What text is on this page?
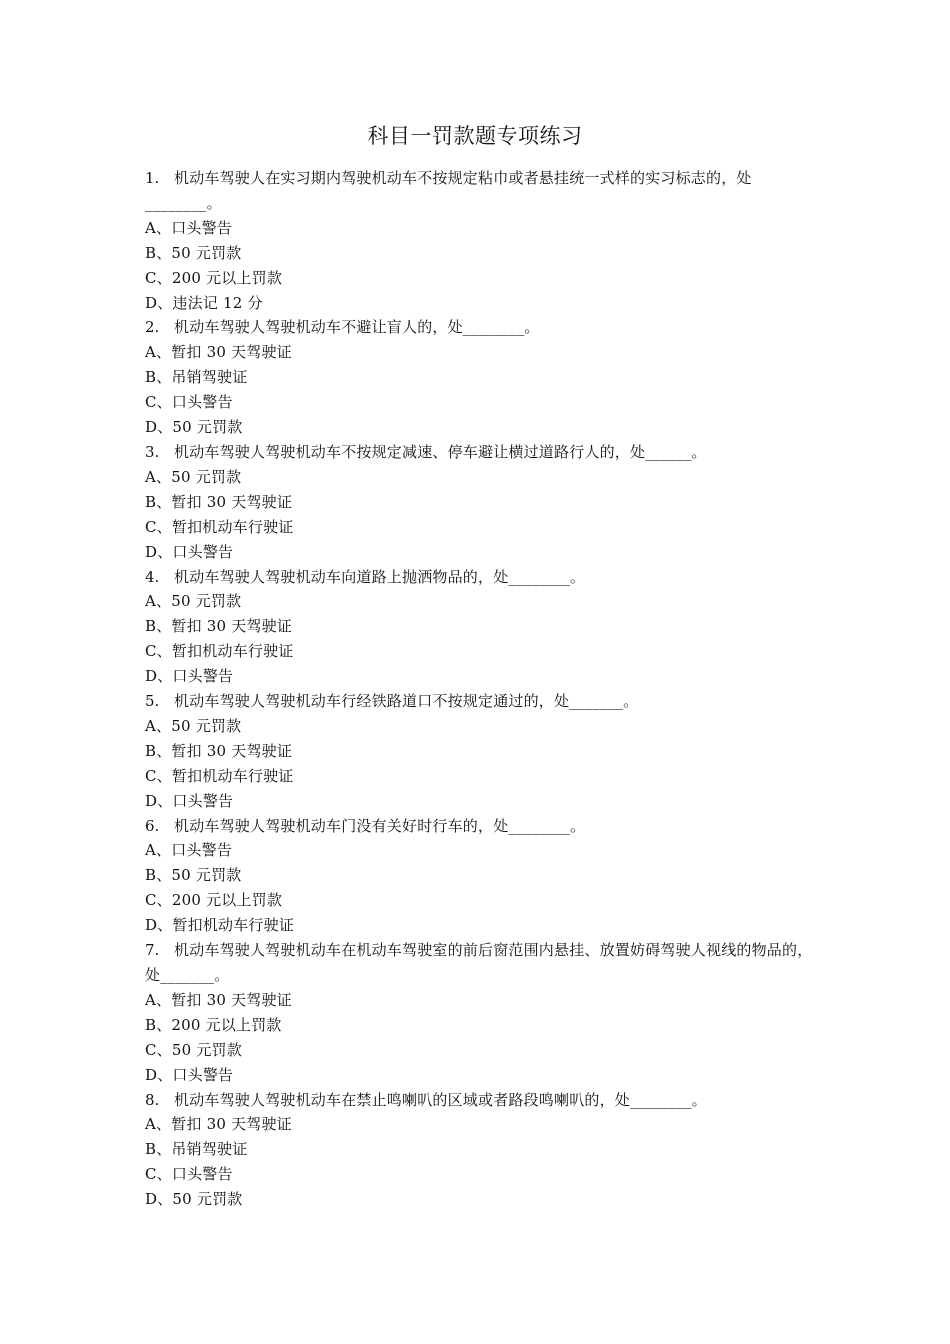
科目一罚款题专项练习

1. 机动车驾驶人在实习期内驾驶机动车不按规定粘巾或者悬挂统一式样的实习标志的，处________。

A、口头警告

B、50 元罚款

C、200 元以上罚款

D、违法记 12 分

2. 机动车驾驶人驾驶机动车不避让盲人的，处________。

A、暂扣 30 天驾驶证

B、吊销驾驶证

C、口头警告

D、50 元罚款

3. 机动车驾驶人驾驶机动车不按规定减速、停车避让横过道路行人的，处______。

A、50 元罚款

B、暂扣 30 天驾驶证

C、暂扣机动车行驶证

D、口头警告

4. 机动车驾驶人驾驶机动车向道路上抛洒物品的，处________。

A、50 元罚款

B、暂扣 30 天驾驶证

C、暂扣机动车行驶证

D、口头警告

5. 机动车驾驶人驾驶机动车行经铁路道口不按规定通过的，处_______。

A、50 元罚款

B、暂扣 30 天驾驶证

C、暂扣机动车行驶证

D、口头警告

6. 机动车驾驶人驾驶机动车门没有关好时行车的，处________。

A、口头警告

B、50 元罚款

C、200 元以上罚款

D、暂扣机动车行驶证

7. 机动车驾驶人驾驶机动车在机动车驾驶室的前后窗范围内悬挂、放置妨碍驾驶人视线的物品的，处_______。

A、暂扣 30 天驾驶证

B、200 元以上罚款

C、50 元罚款

D、口头警告

8. 机动车驾驶人驾驶机动车在禁止鸣喇叭的区域或者路段鸣喇叭的，处________。

A、暂扣 30 天驾驶证

B、吊销驾驶证

C、口头警告

D、50 元罚款
